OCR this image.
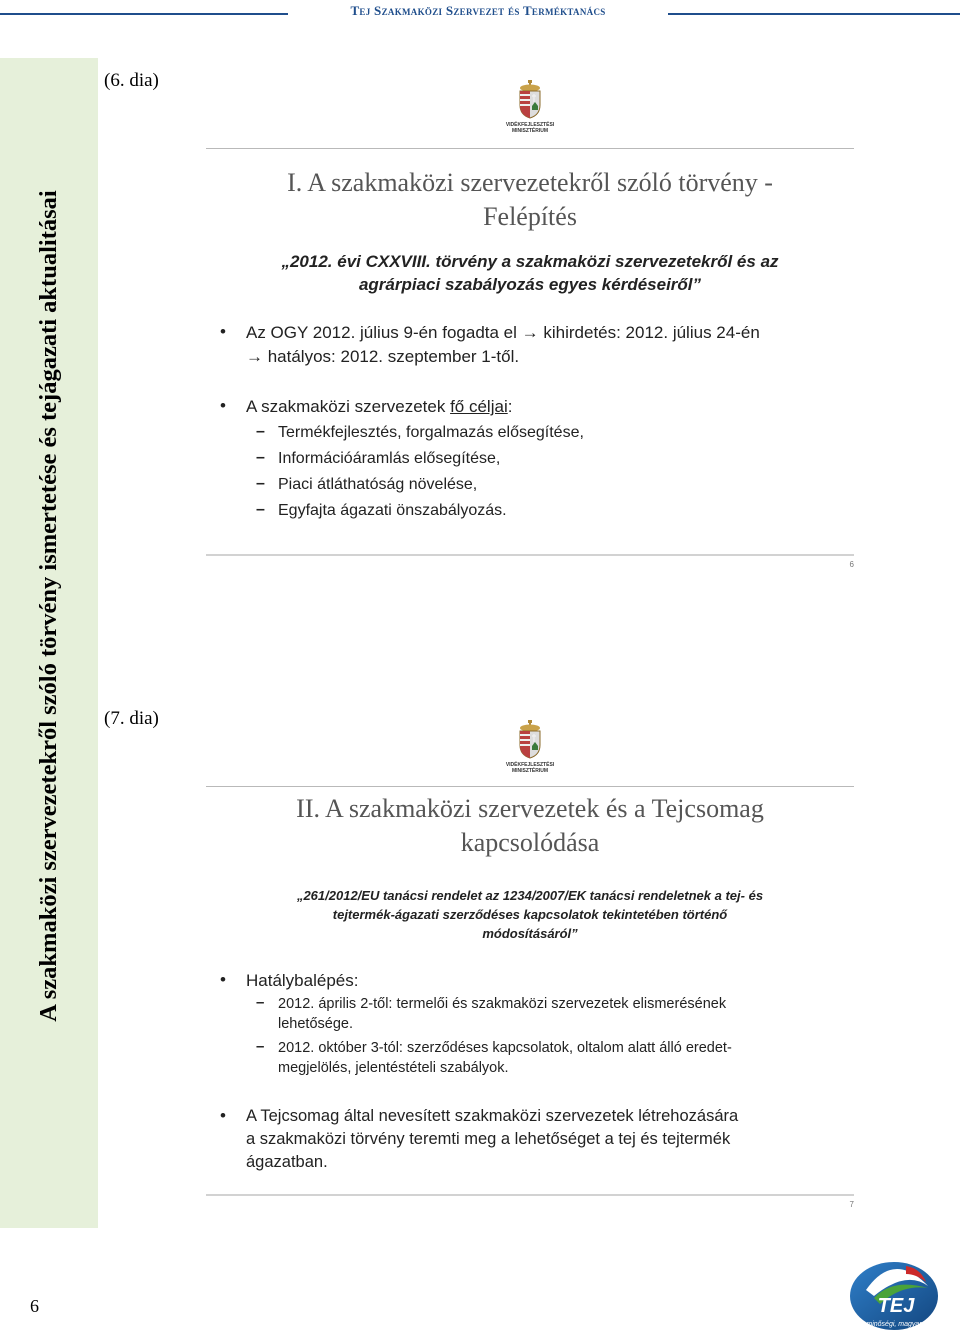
Tej Szakmaközi Szervezet és Terméktanács
A szakmaközi szervezetekről szóló törvény ismertetése és tejágazati aktualitásai
(6. dia)
VIDÉKFEJLESZTÉSI
MINISZTÉRIUM
I. A szakmaközi szervezetekről szóló törvény -
Felépítés
„2012. évi CXXVIII. törvény a szakmaközi szervezetekről és az
agrárpiaci szabályozás egyes kérdéseiről”
• Az OGY 2012. július 9-én fogadta el → kihirdetés: 2012. július 24-én
→ hatályos: 2012. szeptember 1-től.
• A szakmaközi szervezetek fő céljai:
– Termékfejlesztés, forgalmazás elősegítése,
– Információáramlás elősegítése,
– Piaci átláthatóság növelése,
– Egyfajta ágazati önszabályozás.
6
(7. dia)
VIDÉKFEJLESZTÉSI
MINISZTÉRIUM
II. A szakmaközi szervezetek és a Tejcsomag
kapcsolódása
„261/2012/EU tanácsi rendelet az 1234/2007/EK tanácsi rendeletnek a tej- és
tejtermék-ágazati szerződéses kapcsolatok tekintetében történő
módosításáról”
• Hatálybalépés:
– 2012. április 2-től: termelői és szakmaközi szervezetek elismerésének
lehetősége.
– 2012. október 3-tól: szerződéses kapcsolatok, oltalom alatt álló eredet-
megjelölés, jelentéstételi szabályok.
• A Tejcsomag által nevesített szakmaközi szervezetek létrehozására
a szakmaközi törvény teremti meg a lehetőséget a tej és tejtermék
ágazatban.
7
6	TEJ
minőségi, magyar
